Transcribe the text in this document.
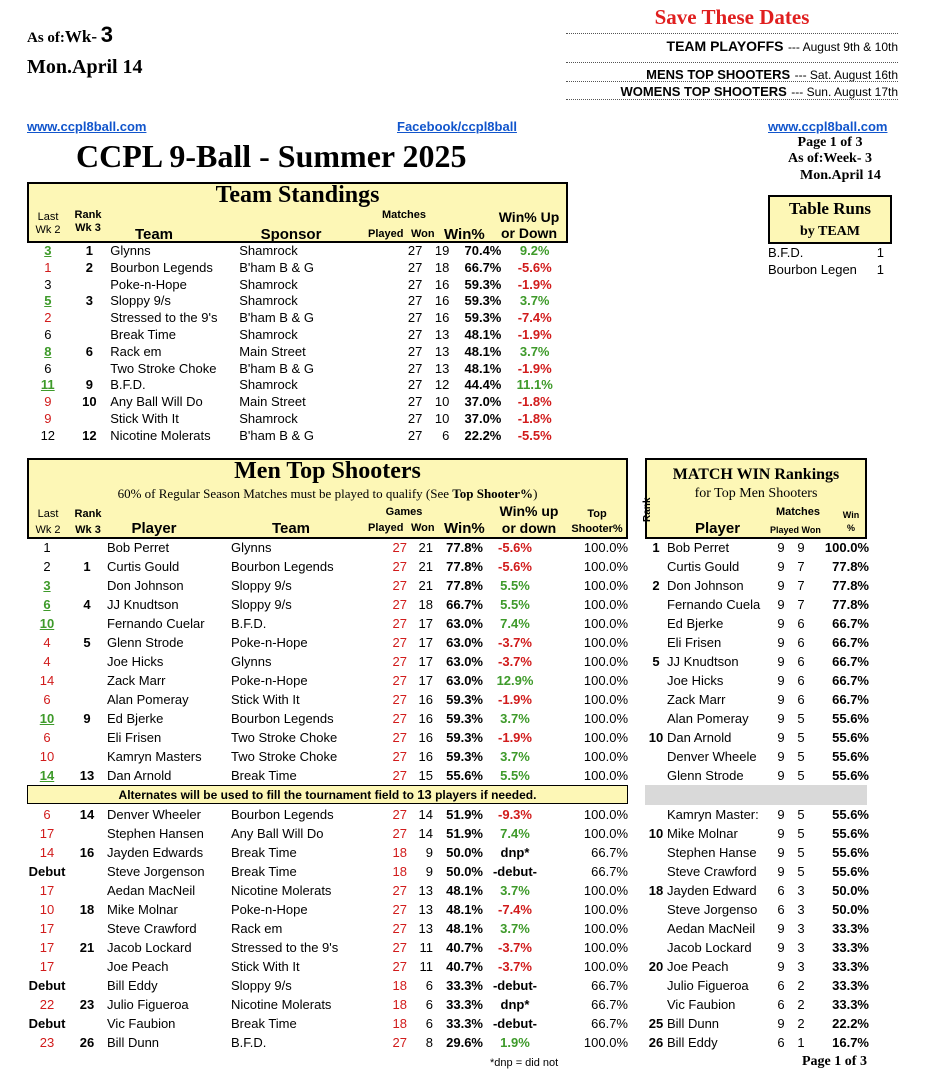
As of:Wk- 3
Mon.April 14
Save These Dates
TEAM PLAYOFFS --- August 9th & 10th
MENS TOP SHOOTERS --- Sat. August 16th
WOMENS TOP SHOOTERS --- Sun. August 17th
www.ccpl8ball.com	Facebook/ccpl8ball	www.ccpl8ball.com
CCPL 9-Ball - Summer 2025	Page 1 of 3
As of:Week- 3
Mon.April 14
Team Standings
Last
Wk 2
Rank
Wk 3	Team	Sponsor
Matches
Played Won Win%
Win% Up
or Down
3	1	Glynns	Shamrock	27	19	70.4%	9.2%
1	2	Bourbon Legends	B'ham B & G	27	18	66.7%	-5.6%
3		Poke-n-Hope	Shamrock	27	16	59.3%	-1.9%
5	3	Sloppy 9/s	Shamrock	27	16	59.3%	3.7%
2		Stressed to the 9's	B'ham B & G	27	16	59.3%	-7.4%
6		Break Time	Shamrock	27	13	48.1%	-1.9%
8	6	Rack em	Main Street	27	13	48.1%	3.7%
6		Two Stroke Choke	B'ham B & G	27	13	48.1%	-1.9%
11	9	B.F.D.	Shamrock	27	12	44.4%	11.1%
9	10	Any Ball Will Do	Main Street	27	10	37.0%	-1.8%
9		Stick With It	Shamrock	27	10	37.0%	-1.8%
12	12	Nicotine Molerats	B'ham B & G	27	6	22.2%	-5.5%
Table Runs
by TEAM
B.F.D.	1
Bourbon Legen	1
Men Top Shooters
60% of Regular Season Matches must be played to qualify (See Top Shooter%)
Last
Wk 2
Rank
Wk 3	Player	Team
Games
Played Won Win%
Win% up
or down
Top
Shooter%
1		Bob Perret	Glynns	27	21	77.8%	-5.6%	100.0%
2	1	Curtis Gould	Bourbon Legends	27	21	77.8%	-5.6%	100.0%
3		Don Johnson	Sloppy 9/s	27	21	77.8%	5.5%	100.0%
6	4	JJ Knudtson	Sloppy 9/s	27	18	66.7%	5.5%	100.0%
10		Fernando Cuelar	B.F.D.	27	17	63.0%	7.4%	100.0%
4	5	Glenn Strode	Poke-n-Hope	27	17	63.0%	-3.7%	100.0%
4		Joe Hicks	Glynns	27	17	63.0%	-3.7%	100.0%
14		Zack Marr	Poke-n-Hope	27	17	63.0%	12.9%	100.0%
6		Alan Pomeray	Stick With It	27	16	59.3%	-1.9%	100.0%
10	9	Ed Bjerke	Bourbon Legends	27	16	59.3%	3.7%	100.0%
6		Eli Frisen	Two Stroke Choke	27	16	59.3%	-1.9%	100.0%
10		Kamryn Masters	Two Stroke Choke	27	16	59.3%	3.7%	100.0%
14	13	Dan Arnold	Break Time	27	15	55.6%	5.5%	100.0%
Alternates will be used to fill the tournament field to 13 players if needed.
6	14	Denver Wheeler	Bourbon Legends	27	14	51.9%	-9.3%	100.0%
17		Stephen Hansen	Any Ball Will Do	27	14	51.9%	7.4%	100.0%
14	16	Jayden Edwards	Break Time	18	9	50.0%	dnp*	66.7%
Debut		Steve Jorgenson	Break Time	18	9	50.0%	-debut-	66.7%
17		Aedan MacNeil	Nicotine Molerats	27	13	48.1%	3.7%	100.0%
10	18	Mike Molnar	Poke-n-Hope	27	13	48.1%	-7.4%	100.0%
17		Steve Crawford	Rack em	27	13	48.1%	3.7%	100.0%
17	21	Jacob Lockard	Stressed to the 9's	27	11	40.7%	-3.7%	100.0%
17		Joe Peach	Stick With It	27	11	40.7%	-3.7%	100.0%
Debut		Bill Eddy	Sloppy 9/s	18	6	33.3%	-debut-	66.7%
22	23	Julio Figueroa	Nicotine Molerats	18	6	33.3%	dnp*	66.7%
Debut		Vic Faubion	Break Time	18	6	33.3%	-debut-	66.7%
23	26	Bill Dunn	B.F.D.	27	8	29.6%	1.9%	100.0%
*dnp = did not
MATCH WIN Rankings
for Top Men Shooters
Rank
Player
Matches
Played Won
Win
%
1	Bob Perret	9	9	100.0%
	Curtis Gould	9	7	77.8%
2	Don Johnson	9	7	77.8%
	Fernando Cuela	9	7	77.8%
	Ed Bjerke	9	6	66.7%
	Eli Frisen	9	6	66.7%
5	JJ Knudtson	9	6	66.7%
	Joe Hicks	9	6	66.7%
	Zack Marr	9	6	66.7%
	Alan Pomeray	9	5	55.6%
10	Dan Arnold	9	5	55.6%
	Denver Wheele	9	5	55.6%
	Glenn Strode	9	5	55.6%
	Kamryn Master:	9	5	55.6%
10	Mike Molnar	9	5	55.6%
	Stephen Hanse	9	5	55.6%
	Steve Crawford	9	5	55.6%
18	Jayden Edward	6	3	50.0%
	Steve Jorgenso	6	3	50.0%
	Aedan MacNeil	9	3	33.3%
	Jacob Lockard	9	3	33.3%
20	Joe Peach	9	3	33.3%
	Julio Figueroa	6	2	33.3%
	Vic Faubion	6	2	33.3%
25	Bill Dunn	9	2	22.2%
26	Bill Eddy	6	1	16.7%
Page 1 of 3
